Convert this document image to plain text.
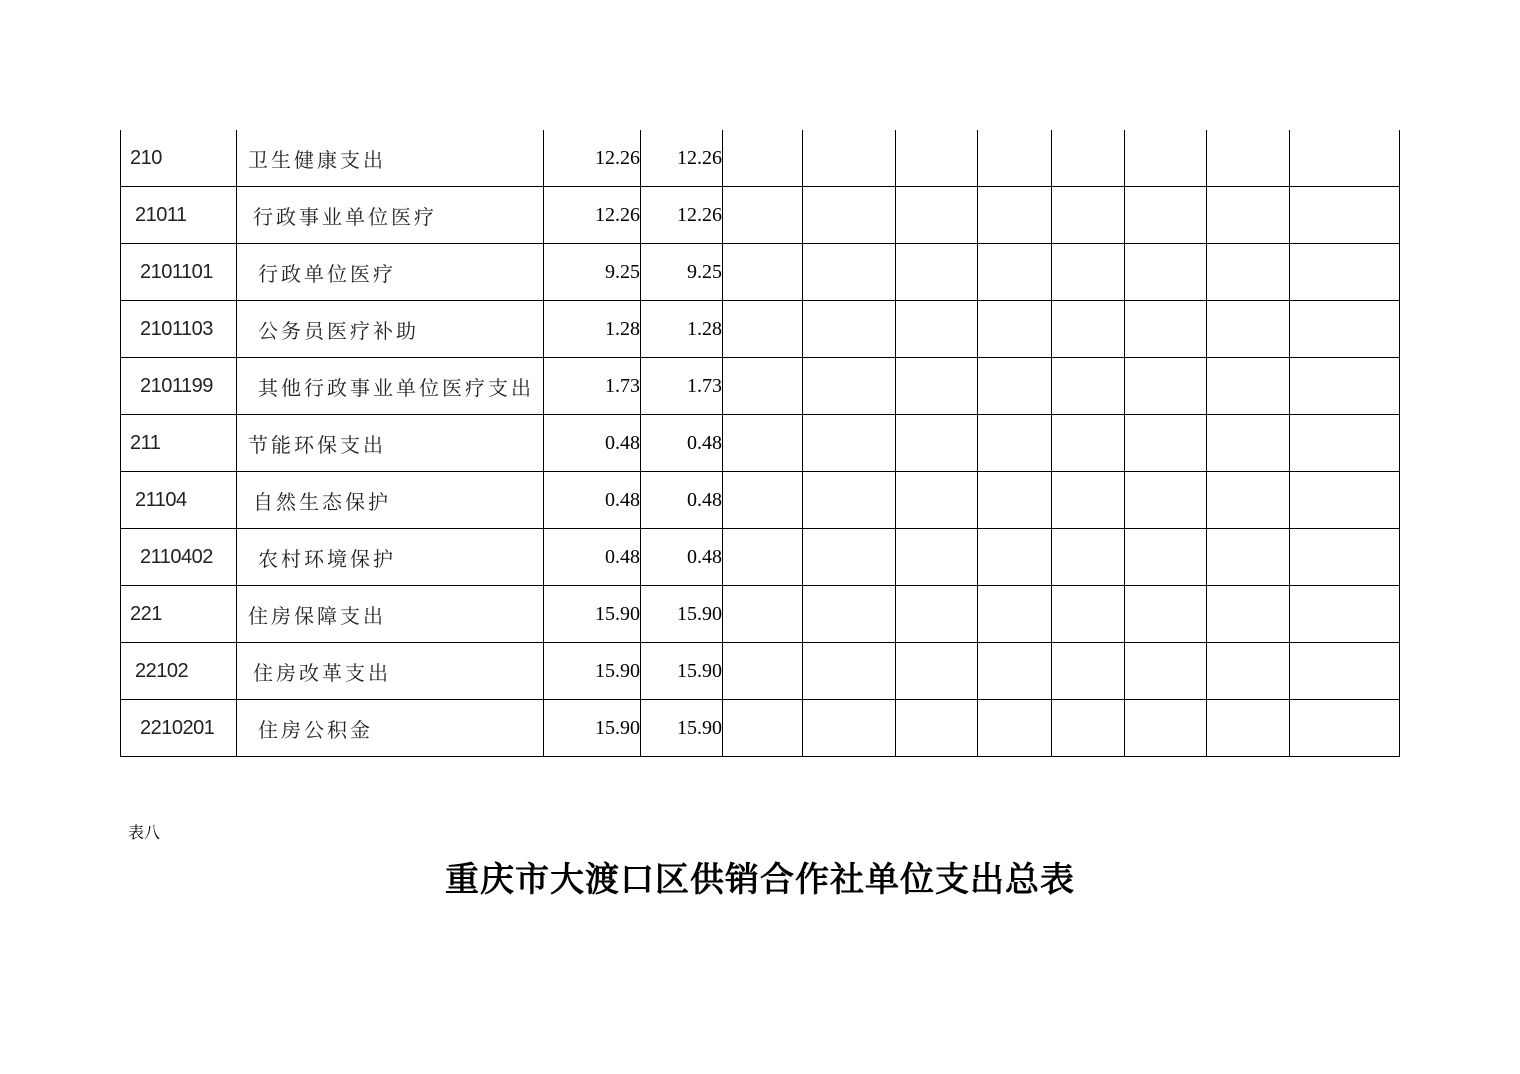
210	卫生健康支出	12.26	12.26								
21011	行政事业单位医疗	12.26	12.26								
2101101	行政单位医疗	9.25	9.25								
2101103	公务员医疗补助	1.28	1.28								
2101199	其他行政事业单位医疗支出	1.73	1.73								
211	节能环保支出	0.48	0.48								
21104	自然生态保护	0.48	0.48								
2110402	农村环境保护	0.48	0.48								
221	住房保障支出	15.90	15.90								
22102	住房改革支出	15.90	15.90								
2210201	住房公积金	15.90	15.90								
表八
重庆市大渡口区供销合作社单位支出总表
